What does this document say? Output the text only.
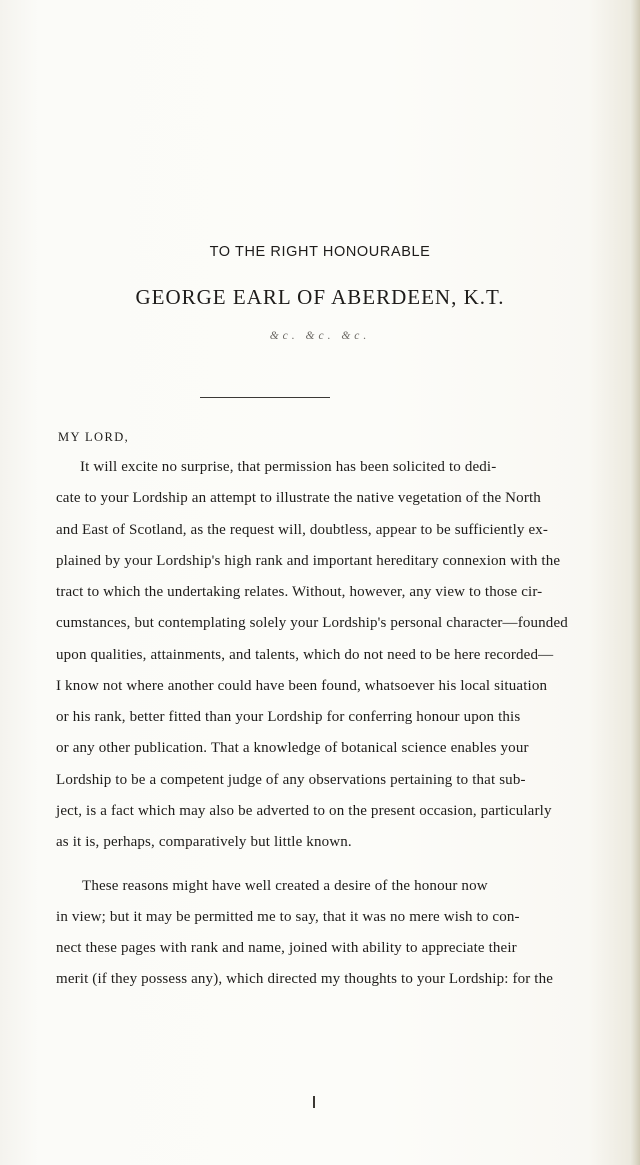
TO THE RIGHT HONOURABLE
GEORGE EARL OF ABERDEEN, K.T.
&c. &c. &c.
MY LORD,
It will excite no surprise, that permission has been solicited to dedi-
cate to your Lordship an attempt to illustrate the native vegetation of the North
and East of Scotland, as the request will, doubtless, appear to be sufficiently ex-
plained by your Lordship's high rank and important hereditary connexion with the
tract to which the undertaking relates. Without, however, any view to those cir-
cumstances, but contemplating solely your Lordship's personal character—founded
upon qualities, attainments, and talents, which do not need to be here recorded—
I know not where another could have been found, whatsoever his local situation
or his rank, better fitted than your Lordship for conferring honour upon this
or any other publication. That a knowledge of botanical science enables your
Lordship to be a competent judge of any observations pertaining to that sub-
ject, is a fact which may also be adverted to on the present occasion, particularly
as it is, perhaps, comparatively but little known.
These reasons might have well created a desire of the honour now
in view; but it may be permitted me to say, that it was no mere wish to con-
nect these pages with rank and name, joined with ability to appreciate their
merit (if they possess any), which directed my thoughts to your Lordship: for the
